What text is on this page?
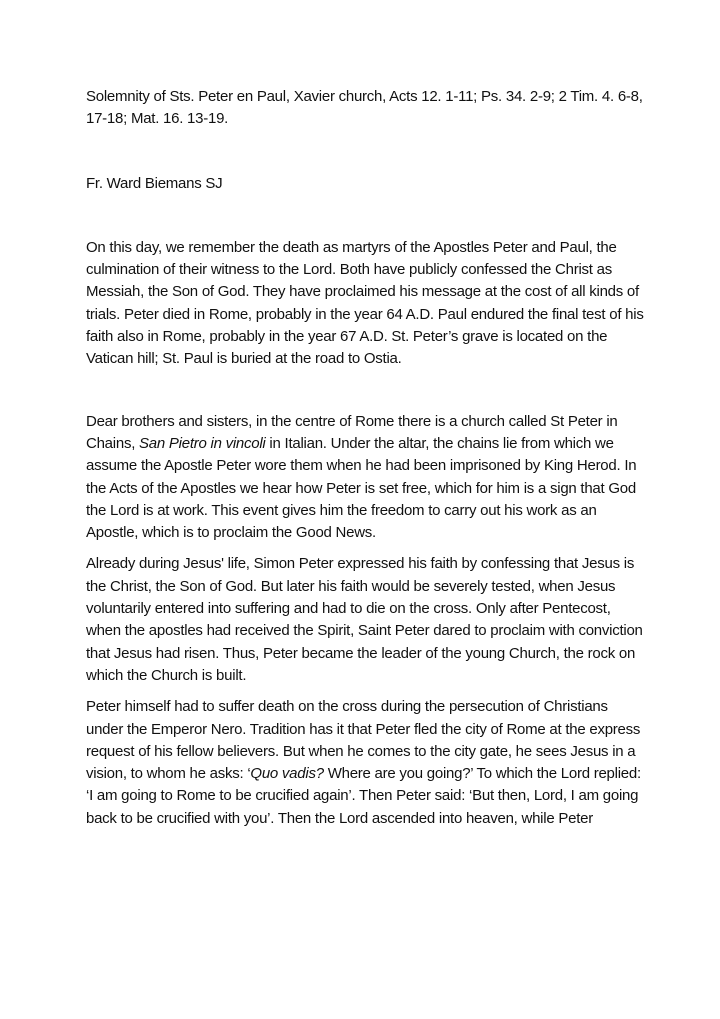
Solemnity of Sts. Peter en Paul, Xavier church, Acts 12. 1-11; Ps. 34. 2-9; 2 Tim. 4. 6-8, 17-18; Mat. 16. 13-19.

Fr. Ward Biemans SJ

On this day, we remember the death as martyrs of the Apostles Peter and Paul, the culmination of their witness to the Lord. Both have publicly confessed the Christ as Messiah, the Son of God. They have proclaimed his message at the cost of all kinds of trials. Peter died in Rome, probably in the year 64 A.D. Paul endured the final test of his faith also in Rome, probably in the year 67 A.D. St. Peter’s grave is located on the Vatican hill; St. Paul is buried at the road to Ostia.

Dear brothers and sisters, in the centre of Rome there is a church called St Peter in Chains, San Pietro in vincoli in Italian. Under the altar, the chains lie from which we assume the Apostle Peter wore them when he had been imprisoned by King Herod. In the Acts of the Apostles we hear how Peter is set free, which for him is a sign that God the Lord is at work. This event gives him the freedom to carry out his work as an Apostle, which is to proclaim the Good News.

Already during Jesus' life, Simon Peter expressed his faith by confessing that Jesus is the Christ, the Son of God. But later his faith would be severely tested, when Jesus voluntarily entered into suffering and had to die on the cross. Only after Pentecost, when the apostles had received the Spirit, Saint Peter dared to proclaim with conviction that Jesus had risen. Thus, Peter became the leader of the young Church, the rock on which the Church is built.

Peter himself had to suffer death on the cross during the persecution of Christians under the Emperor Nero. Tradition has it that Peter fled the city of Rome at the express request of his fellow believers. But when he comes to the city gate, he sees Jesus in a vision, to whom he asks: ‘Quo vadis? Where are you going?’ To which the Lord replied: ‘I am going to Rome to be crucified again’. Then Peter said: ‘But then, Lord, I am going back to be crucified with you’. Then the Lord ascended into heaven, while Peter
